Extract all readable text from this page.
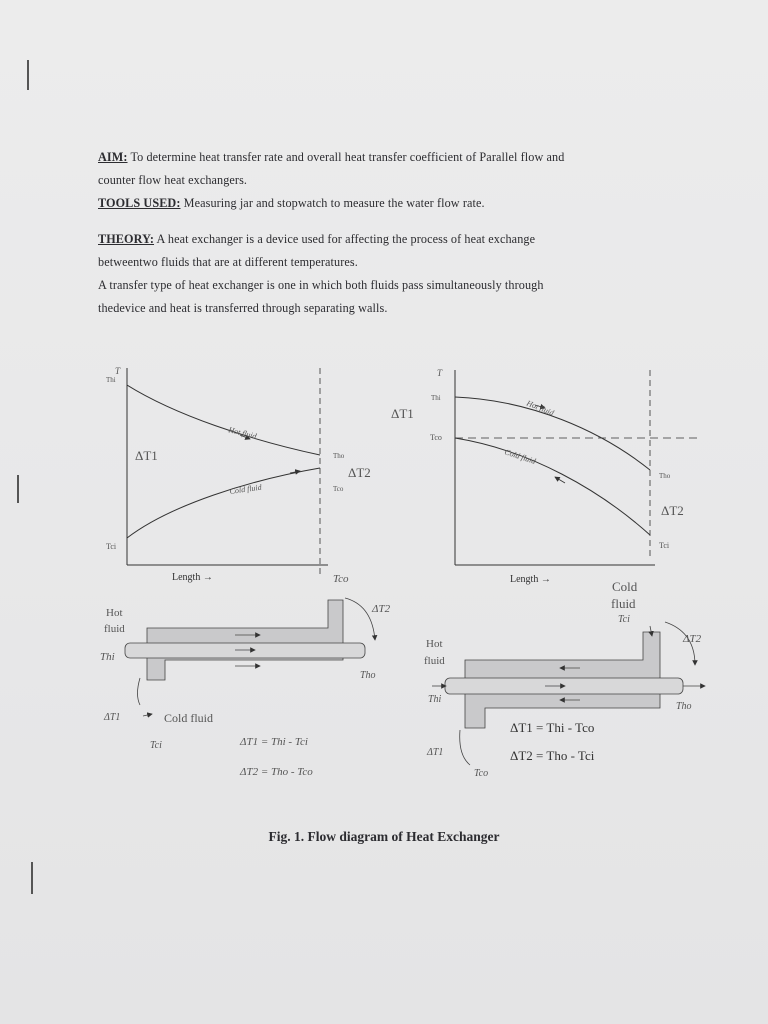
AIM: To determine heat transfer rate and overall heat transfer coefficient of Parallel flow and

counter flow heat exchangers.

TOOLS USED: Measuring jar and stopwatch to measure the water flow rate.

THEORY: A heat exchanger is a device used for affecting the process of heat exchange

betweentwo fluids that are at different temperatures.

A transfer type of heat exchanger is one in which both fluids pass simultaneously through

thedevice and heat is transferred through separating walls.

T
Thi
Tci
Tho
Tco
ΔT1
ΔT2
Hot fluid
Cold fluid
Length →
T
Thi
Tco
ΔT1
Tho
ΔT2
Tci
Hot fluid
Cold fluid
Length →
Hot
fluid
Thi
Tco
ΔT2
Tho
ΔT1	Cold fluid
Tci	ΔT1 = Thi - Tci
ΔT2 = Tho - Tco
Cold
fluid
Tci
ΔT2
Hot
fluid
Thi
Tho
ΔT1
Tco
ΔT1 = Thi - Tco
ΔT2 = Tho - Tci
Fig. 1. Flow diagram of Heat Exchanger
